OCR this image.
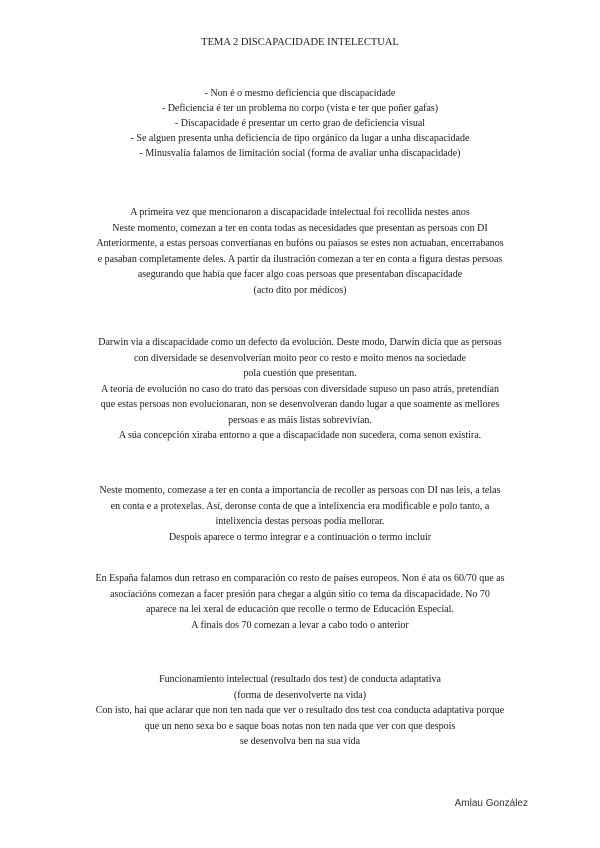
TEMA 2 DISCAPACIDADE INTELECTUAL
- Non é o mesmo deficiencia que discapacidade
- Deficiencia é ter un problema no corpo (vista e ter que poñer gafas)
- Discapacidade é presentar un certo grao de deficiencia visual
- Se alguen presenta unha deficiencia de tipo orgánico da lugar a unha discapacidade
- Minusvalía falamos de limitación social (forma de avaliar unha discapacidade)
A primeira vez que mencionaron a discapacidade intelectual foi recollida nestes anos
Neste momento, comezan a ter en conta todas as necesidades que presentan as persoas con DI
Anteriormente, a estas persoas convertíanas en bufóns ou paiasos se estes non actuaban, encerrabanos
e pasaban completamente deles. A partir da ilustración comezan a ter en conta a figura destas persoas
asegurando que había que facer algo coas persoas que presentaban discapacidade
(acto dito por médicos)
Darwin via a discapacidade como un defecto da evolución. Deste modo, Darwin dicía que as persoas
con diversidade se desenvolverían moito peor co resto e moito menos na sociedade
pola cuestión que presentan.
A teoría de evolución no caso do trato das persoas con diversidade supuso un paso atrás, pretendían
que estas persoas non evolucionaran, non se desenvolveran dando lugar a que soamente as mellores
persoas e as máis listas sobrevivían.
A súa concepción xiraba entorno a que a discapacidade non sucedera, coma senon existira.
Neste momento, comezase a ter en conta a importancia de recoller as persoas con DI nas leis, a telas
en conta e a protexelas. Así, deronse conta de que a intelixencia era modificable e polo tanto, a
intelixencia destas persoas podía mellorar.
Despois aparece o termo integrar e a continuación o termo incluír
En España falamos dun retraso en comparación co resto de países europeos. Non é ata os 60/70 que as
asociacións comezan a facer presión para chegar a algún sitio co tema da discapacidade. No 70
aparece na lei xeral de educación que recolle o termo de Educación Especial.
A finais dos 70 comezan a levar a cabo todo o anterior
Funcionamiento intelectual (resultado dos test) de conducta adaptativa
(forma de desenvolverte na vida)
Con isto, hai que aclarar que non ten nada que ver o resultado dos test coa conducta adaptativa porque
que un neno sexa bo e saque boas notas non ten nada que ver con que despois
se desenvolva ben na sua vida
Amlau González
